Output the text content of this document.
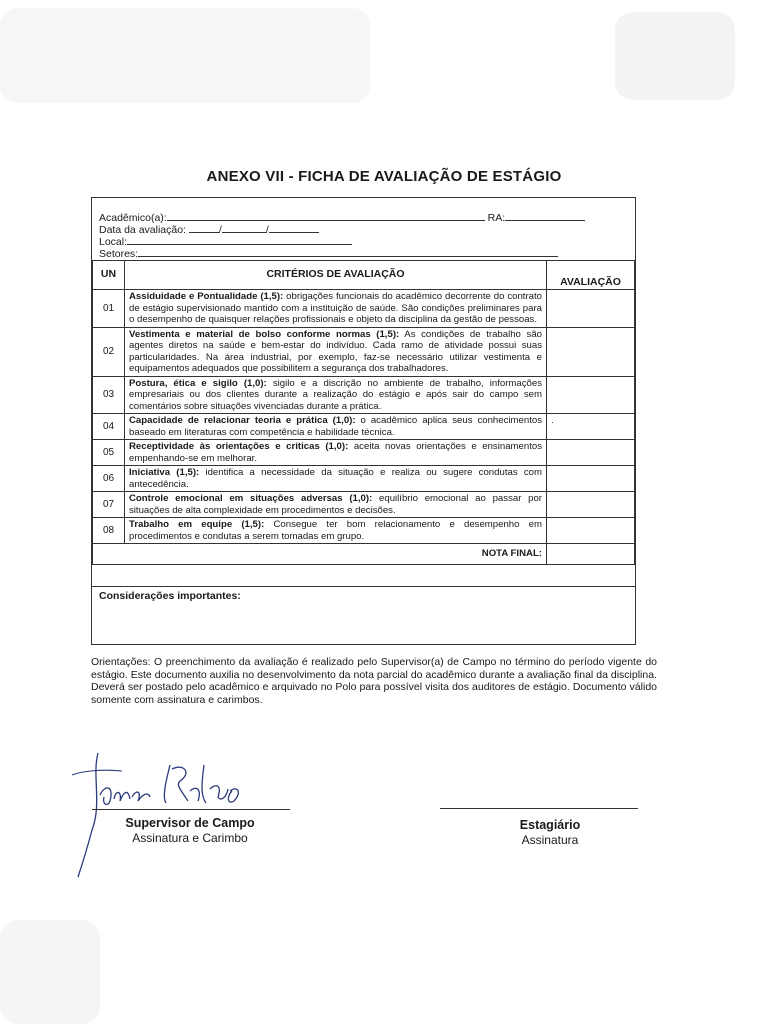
ANEXO VII - FICHA DE AVALIAÇÃO DE ESTÁGIO
Acadêmico(a):	RA:
Data da avaliação:	/	/
Local:
Setores:
UN	CRITÉRIOS DE AVALIAÇÃO	AVALIAÇÃO
01	Assiduidade e Pontualidade (1,5): obrigações funcionais do acadêmico decorrente do contrato de estágio supervisionado mantido com a instituição de saúde. São condições preliminares para o desempenho de quaisquer relações profissionais e objeto da disciplina da gestão de pessoas.	
02	Vestimenta e material de bolso conforme normas (1,5): As condições de trabalho são agentes diretos na saúde e bem-estar do indivíduo. Cada ramo de atividade possui suas particularidades. Na área industrial, por exemplo, faz-se necessário utilizar vestimenta e equipamentos adequados que possibilitem a segurança dos trabalhadores.	
03	Postura, ética e sigilo (1,0): sigilo e a discrição no ambiente de trabalho, informações empresariais ou dos clientes durante a realização do estágio e após sair do campo sem comentários sobre situações vivenciadas durante a prática.	
04	Capacidade de relacionar teoria e prática (1,0): o acadêmico aplica seus conhecimentos baseado em literaturas com competência e habilidade técnica.	.
05	Receptividade às orientações e críticas (1,0): aceita novas orientações e ensinamentos empenhando-se em melhorar.	
06	Iniciativa (1,5): identifica a necessidade da situação e realiza ou sugere condutas com antecedência.	
07	Controle emocional em situações adversas (1,0): equilíbrio emocional ao passar por situações de alta complexidade em procedimentos e decisões.	
08	Trabalho em equipe (1,5): Consegue ter bom relacionamento e desempenho em procedimentos e condutas a serem tomadas em grupo.	
NOTA FINAL:		
Considerações importantes:
Orientações: O preenchimento da avaliação é realizado pelo Supervisor(a) de Campo no término do período vigente do estágio. Este documento auxilia no desenvolvimento da nota parcial do acadêmico durante a avaliação final da disciplina. Deverá ser postado pelo acadêmico e arquivado no Polo para possível visita dos auditores de estágio. Documento válido somente com assinatura e carimbos.
Supervisor de Campo
Assinatura e Carimbo
Estagiário
Assinatura
